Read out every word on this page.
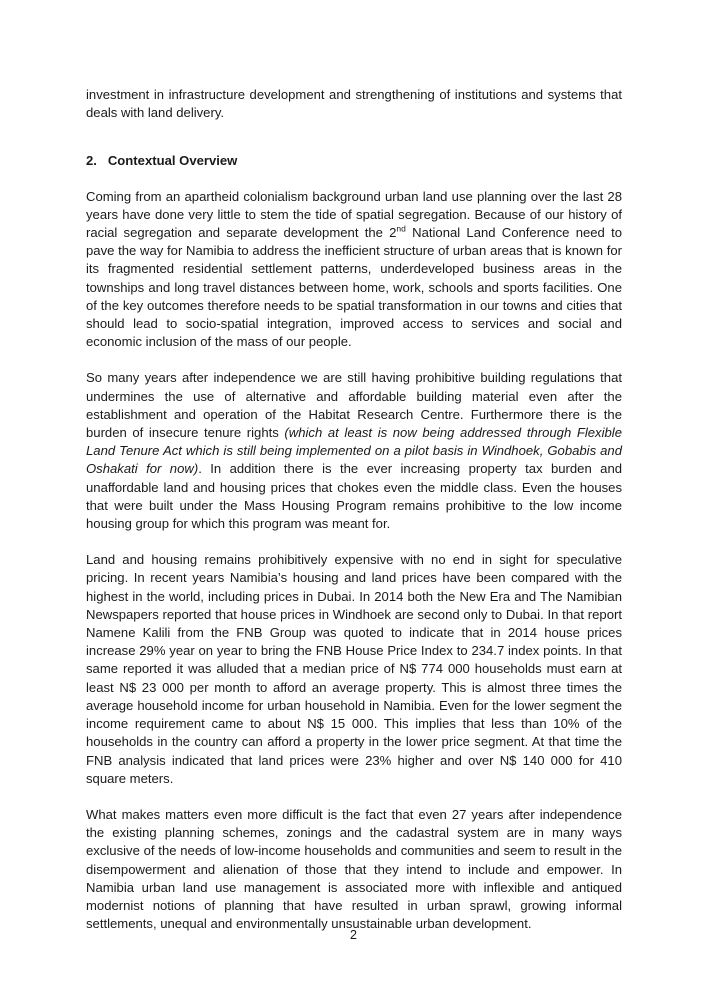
investment in infrastructure development and strengthening of institutions and systems that deals with land delivery.

2. Contextual Overview

Coming from an apartheid colonialism background urban land use planning over the last 28 years have done very little to stem the tide of spatial segregation. Because of our history of racial segregation and separate development the 2nd National Land Conference need to pave the way for Namibia to address the inefficient structure of urban areas that is known for its fragmented residential settlement patterns, underdeveloped business areas in the townships and long travel distances between home, work, schools and sports facilities. One of the key outcomes therefore needs to be spatial transformation in our towns and cities that should lead to socio-spatial integration, improved access to services and social and economic inclusion of the mass of our people.

So many years after independence we are still having prohibitive building regulations that undermines the use of alternative and affordable building material even after the establishment and operation of the Habitat Research Centre. Furthermore there is the burden of insecure tenure rights (which at least is now being addressed through Flexible Land Tenure Act which is still being implemented on a pilot basis in Windhoek, Gobabis and Oshakati for now). In addition there is the ever increasing property tax burden and unaffordable land and housing prices that chokes even the middle class. Even the houses that were built under the Mass Housing Program remains prohibitive to the low income housing group for which this program was meant for.

Land and housing remains prohibitively expensive with no end in sight for speculative pricing. In recent years Namibia’s housing and land prices have been compared with the highest in the world, including prices in Dubai. In 2014 both the New Era and The Namibian Newspapers reported that house prices in Windhoek are second only to Dubai. In that report Namene Kalili from the FNB Group was quoted to indicate that in 2014 house prices increase 29% year on year to bring the FNB House Price Index to 234.7 index points. In that same reported it was alluded that a median price of N$ 774 000 households must earn at least N$ 23 000 per month to afford an average property. This is almost three times the average household income for urban household in Namibia. Even for the lower segment the income requirement came to about N$ 15 000. This implies that less than 10% of the households in the country can afford a property in the lower price segment. At that time the FNB analysis indicated that land prices were 23% higher and over N$ 140 000 for 410 square meters.

What makes matters even more difficult is the fact that even 27 years after independence the existing planning schemes, zonings and the cadastral system are in many ways exclusive of the needs of low-income households and communities and seem to result in the disempowerment and alienation of those that they intend to include and empower. In Namibia urban land use management is associated more with inflexible and antiqued modernist notions of planning that have resulted in urban sprawl, growing informal settlements, unequal and environmentally unsustainable urban development.

2
